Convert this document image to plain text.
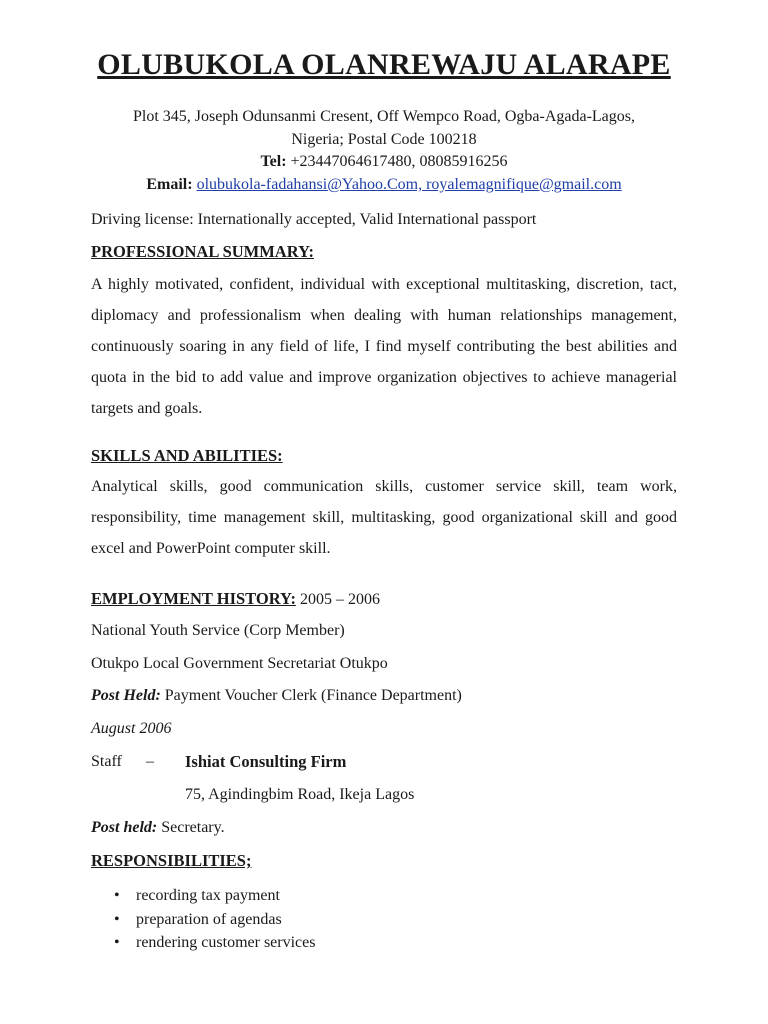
OLUBUKOLA OLANREWAJU ALARAPE
Plot 345, Joseph Odunsanmi Cresent, Off Wempco Road, Ogba-Agada-Lagos,
Nigeria; Postal Code 100218
Tel: +23447064617480, 08085916256
Email: olubukola-fadahansi@Yahoo.Com, royalemagnifique@gmail.com
Driving license: Internationally accepted, Valid International passport
PROFESSIONAL SUMMARY:
A highly motivated, confident, individual with exceptional multitasking, discretion, tact, diplomacy and professionalism when dealing with human relationships management, continuously soaring in any field of life, I find myself contributing the best abilities and quota in the bid to add value and improve organization objectives to achieve managerial targets and goals.
SKILLS AND ABILITIES:
Analytical skills, good communication skills, customer service skill, team work, responsibility, time management skill, multitasking, good organizational skill and good excel and PowerPoint computer skill.
EMPLOYMENT HISTORY: 2005 – 2006
National Youth Service (Corp Member)
Otukpo Local Government Secretariat Otukpo
Post Held: Payment Voucher Clerk (Finance Department)
August 2006
Staff – Ishiat Consulting Firm
75, Agindingbim Road, Ikeja Lagos
Post held: Secretary.
RESPONSIBILITIES;
• recording tax payment
• preparation of agendas
• rendering customer services
